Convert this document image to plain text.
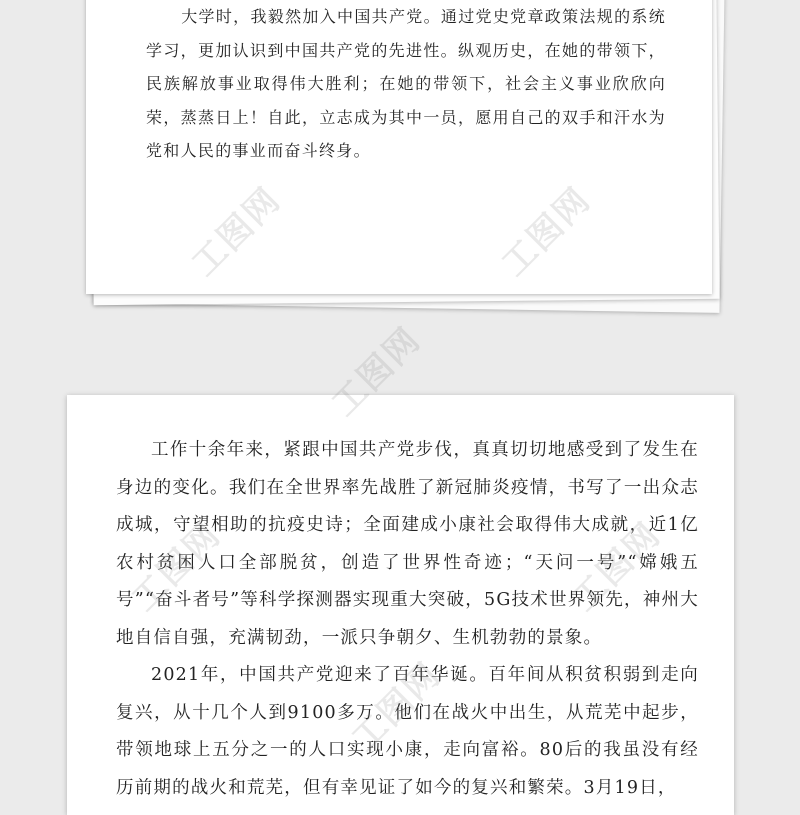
大学时，我毅然加入中国共产党。通过党史党章政策法规的系统学习，更加认识到中国共产党的先进性。纵观历史，在她的带领下，民族解放事业取得伟大胜利；在她的带领下，社会主义事业欣欣向荣，蒸蒸日上！自此，立志成为其中一员，愿用自己的双手和汗水为党和人民的事业而奋斗终身。

工作十余年来，紧跟中国共产党步伐，真真切切地感受到了发生在身边的变化。我们在全世界率先战胜了新冠肺炎疫情，书写了一出众志成城，守望相助的抗疫史诗；全面建成小康社会取得伟大成就，近1亿农村贫困人口全部脱贫，创造了世界性奇迹；“天问一号”“嫦娥五号”“奋斗者号”等科学探测器实现重大突破，5G技术世界领先，神州大地自信自强，充满韧劲，一派只争朝夕、生机勃勃的景象。

2021年，中国共产党迎来了百年华诞。百年间从积贫积弱到走向复兴，从十几个人到9100多万。他们在战火中出生，从荒芜中起步，带领地球上五分之一的人口实现小康，走向富裕。80后的我虽没有经历前期的战火和荒芜，但有幸见证了如今的复兴和繁荣。3月19日，

工图网
